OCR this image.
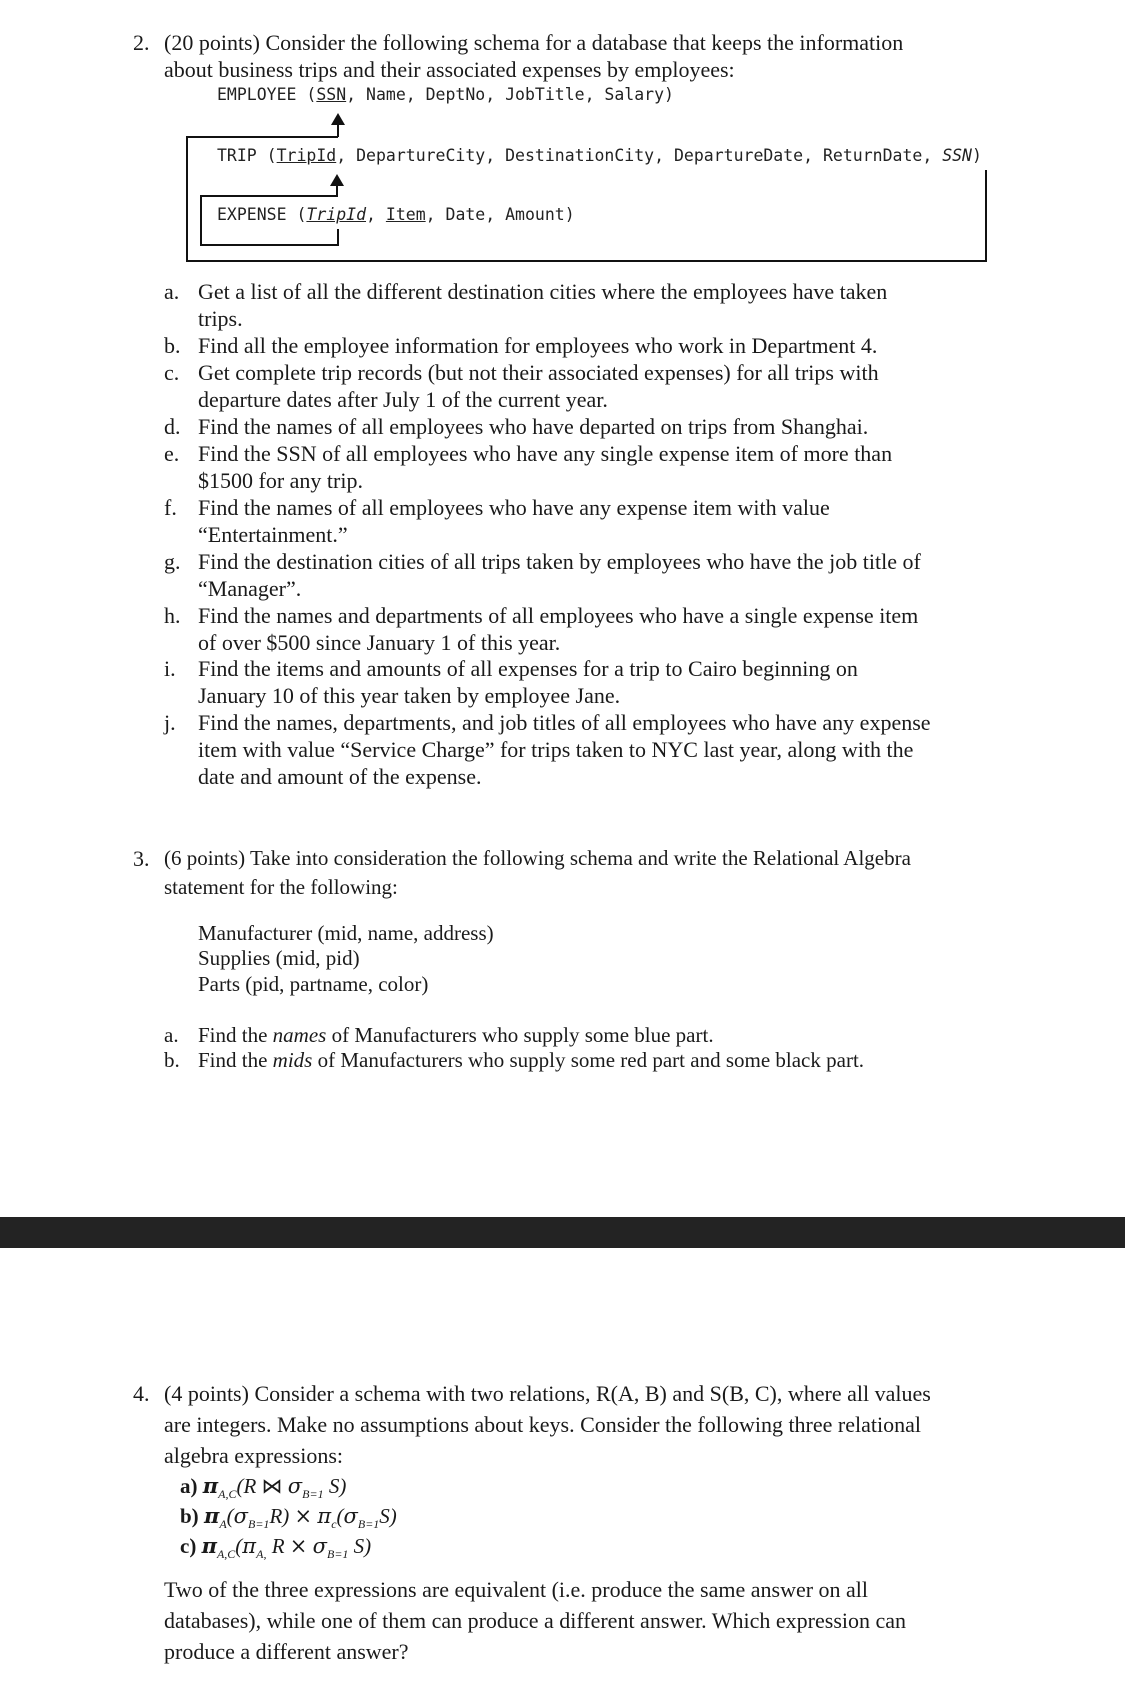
2. (20 points) Consider the following schema for a database that keeps the information
about business trips and their associated expenses by employees:
EMPLOYEE (SSN, Name, DeptNo, JobTitle, Salary)
TRIP (TripId, DepartureCity, DestinationCity, DepartureDate, ReturnDate, SSN)
EXPENSE (TripId, Item, Date, Amount)
a. Get a list of all the different destination cities where the employees have taken
trips.
b. Find all the employee information for employees who work in Department 4.
c. Get complete trip records (but not their associated expenses) for all trips with
departure dates after July 1 of the current year.
d. Find the names of all employees who have departed on trips from Shanghai.
e. Find the SSN of all employees who have any single expense item of more than
$1500 for any trip.
f. Find the names of all employees who have any expense item with value
“Entertainment.”
g. Find the destination cities of all trips taken by employees who have the job title of
“Manager”.
h. Find the names and departments of all employees who have a single expense item
of over $500 since January 1 of this year.
i.	Find the items and amounts of all expenses for a trip to Cairo beginning on
January 10 of this year taken by employee Jane.
j.	Find the names, departments, and job titles of all employees who have any expense
item with value “Service Charge” for trips taken to NYC last year, along with the
date and amount of the expense.
3. (6 points) Take into consideration the following schema and write the Relational Algebra
statement for the following:
Manufacturer (mid, name, address)
Supplies (mid, pid)
Parts (pid, partname, color)
a. Find the names of Manufacturers who supply some blue part.
b. Find the mids of Manufacturers who supply some red part and some black part.
4. (4 points) Consider a schema with two relations, R(A, B) and S(B, C), where all values
are integers. Make no assumptions about keys. Consider the following three relational
algebra expressions:
a) $\pi_{A,C}(R$ ⋈ $\sigma_{B=1}$ S)
b) $\pi_A(\sigma_{B=1}R) \times \pi_c(\sigma_{B=1}S)$
c) $\pi_{A,C}(\pi_{A,}$ $R \times \sigma_{B=1}$ S)
Two of the three expressions are equivalent (i.e. produce the same answer on all
databases), while one of them can produce a different answer. Which expression can
produce a different answer?
